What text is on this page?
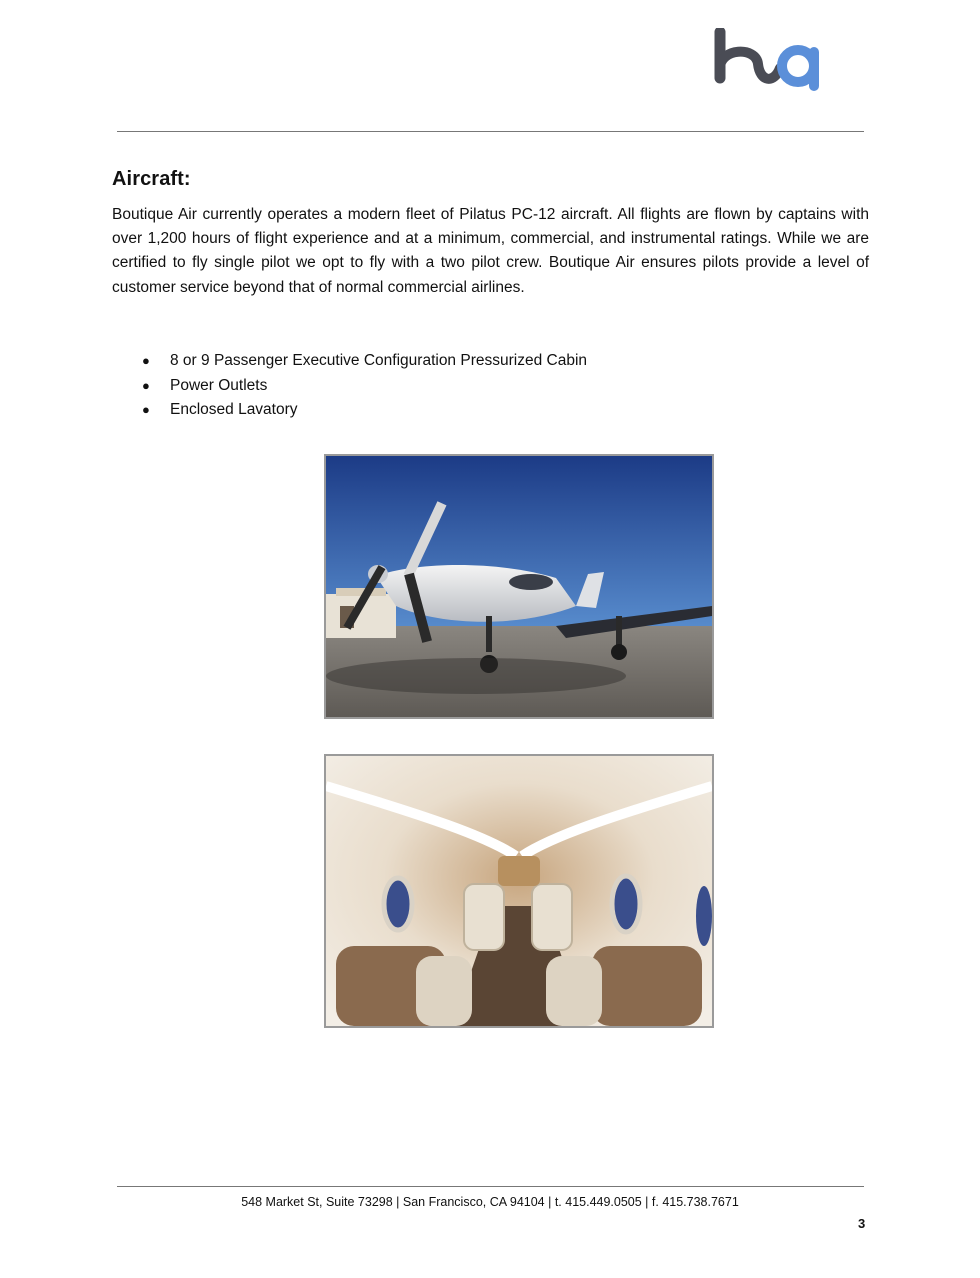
Aircraft:

Boutique Air currently operates a modern fleet of Pilatus PC-12 aircraft. All flights are flown by captains with over 1,200 hours of flight experience and at a minimum, commercial, and instrumental ratings. While we are certified to fly single pilot we opt to fly with a two pilot crew. Boutique Air ensures pilots provide a level of customer service beyond that of normal commercial airlines.

● 8 or 9 Passenger Executive Configuration Pressurized Cabin
● Power Outlets
● Enclosed Lavatory
548 Market St, Suite 73298 | San Francisco, CA 94104 | t. 415.449.0505 | f. 415.738.7671
3
